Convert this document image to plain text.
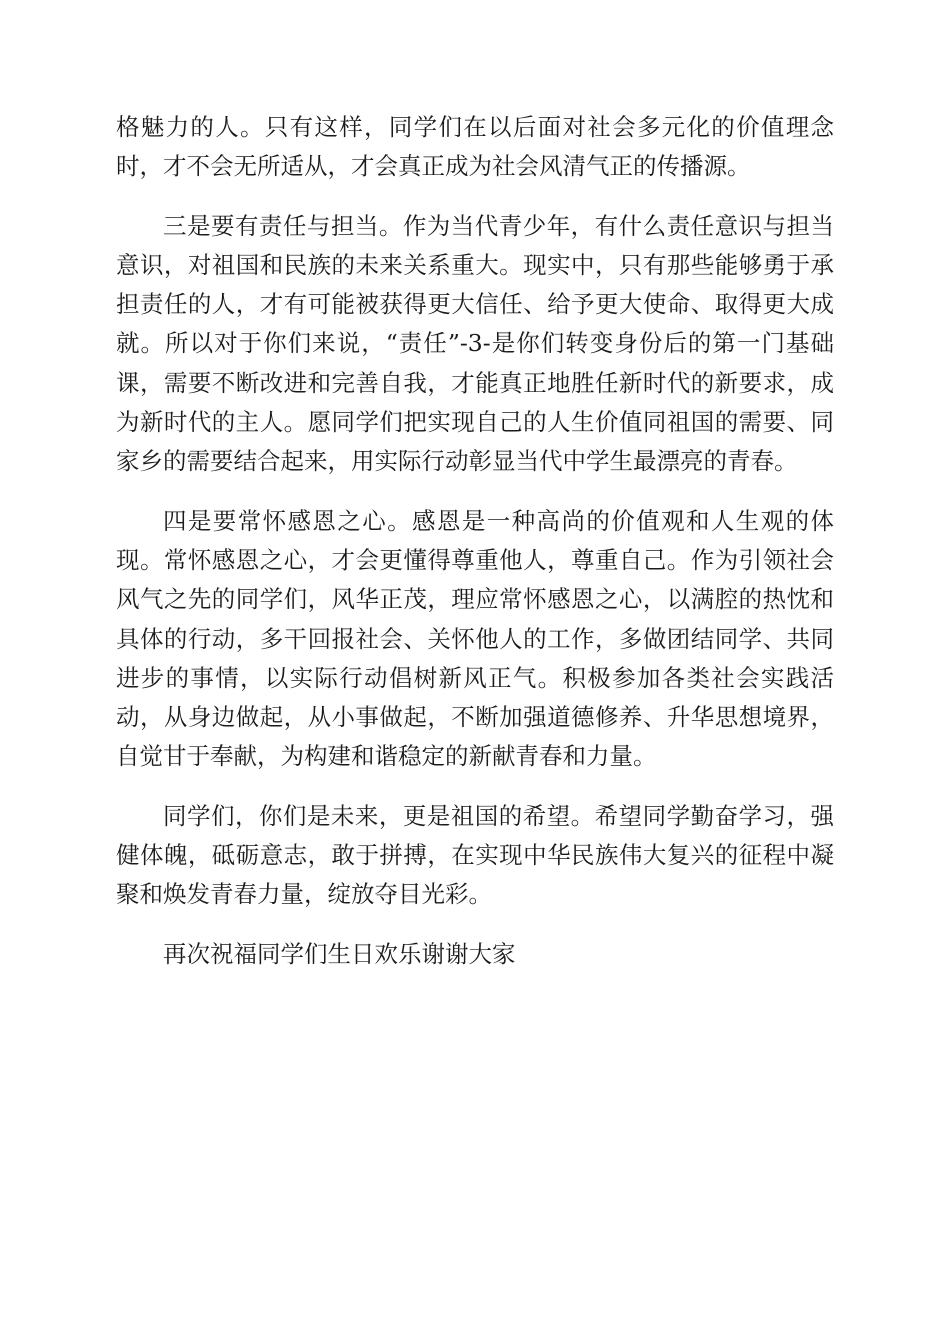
格魅力的人。只有这样，同学们在以后面对社会多元化的价值理念时，才不会无所适从，才会真正成为社会风清气正的传播源。

三是要有责任与担当。作为当代青少年，有什么责任意识与担当意识，对祖国和民族的未来关系重大。现实中，只有那些能够勇于承担责任的人，才有可能被获得更大信任、给予更大使命、取得更大成就。所以对于你们来说，“责任”-3-是你们转变身份后的第一门基础课，需要不断改进和完善自我，才能真正地胜任新时代的新要求，成为新时代的主人。愿同学们把实现自己的人生价值同祖国的需要、同家乡的需要结合起来，用实际行动彰显当代中学生最漂亮的青春。

四是要常怀感恩之心。感恩是一种高尚的价值观和人生观的体现。常怀感恩之心，才会更懂得尊重他人，尊重自己。作为引领社会风气之先的同学们，风华正茂，理应常怀感恩之心，以满腔的热忱和具体的行动，多干回报社会、关怀他人的工作，多做团结同学、共同进步的事情，以实际行动倡树新风正气。积极参加各类社会实践活动，从身边做起，从小事做起，不断加强道德修养、升华思想境界，自觉甘于奉献，为构建和谐稳定的新献青春和力量。

同学们，你们是未来，更是祖国的希望。希望同学勤奋学习，强健体魄，砥砺意志，敢于拼搏，在实现中华民族伟大复兴的征程中凝聚和焕发青春力量，绽放夺目光彩。

再次祝福同学们生日欢乐谢谢大家
